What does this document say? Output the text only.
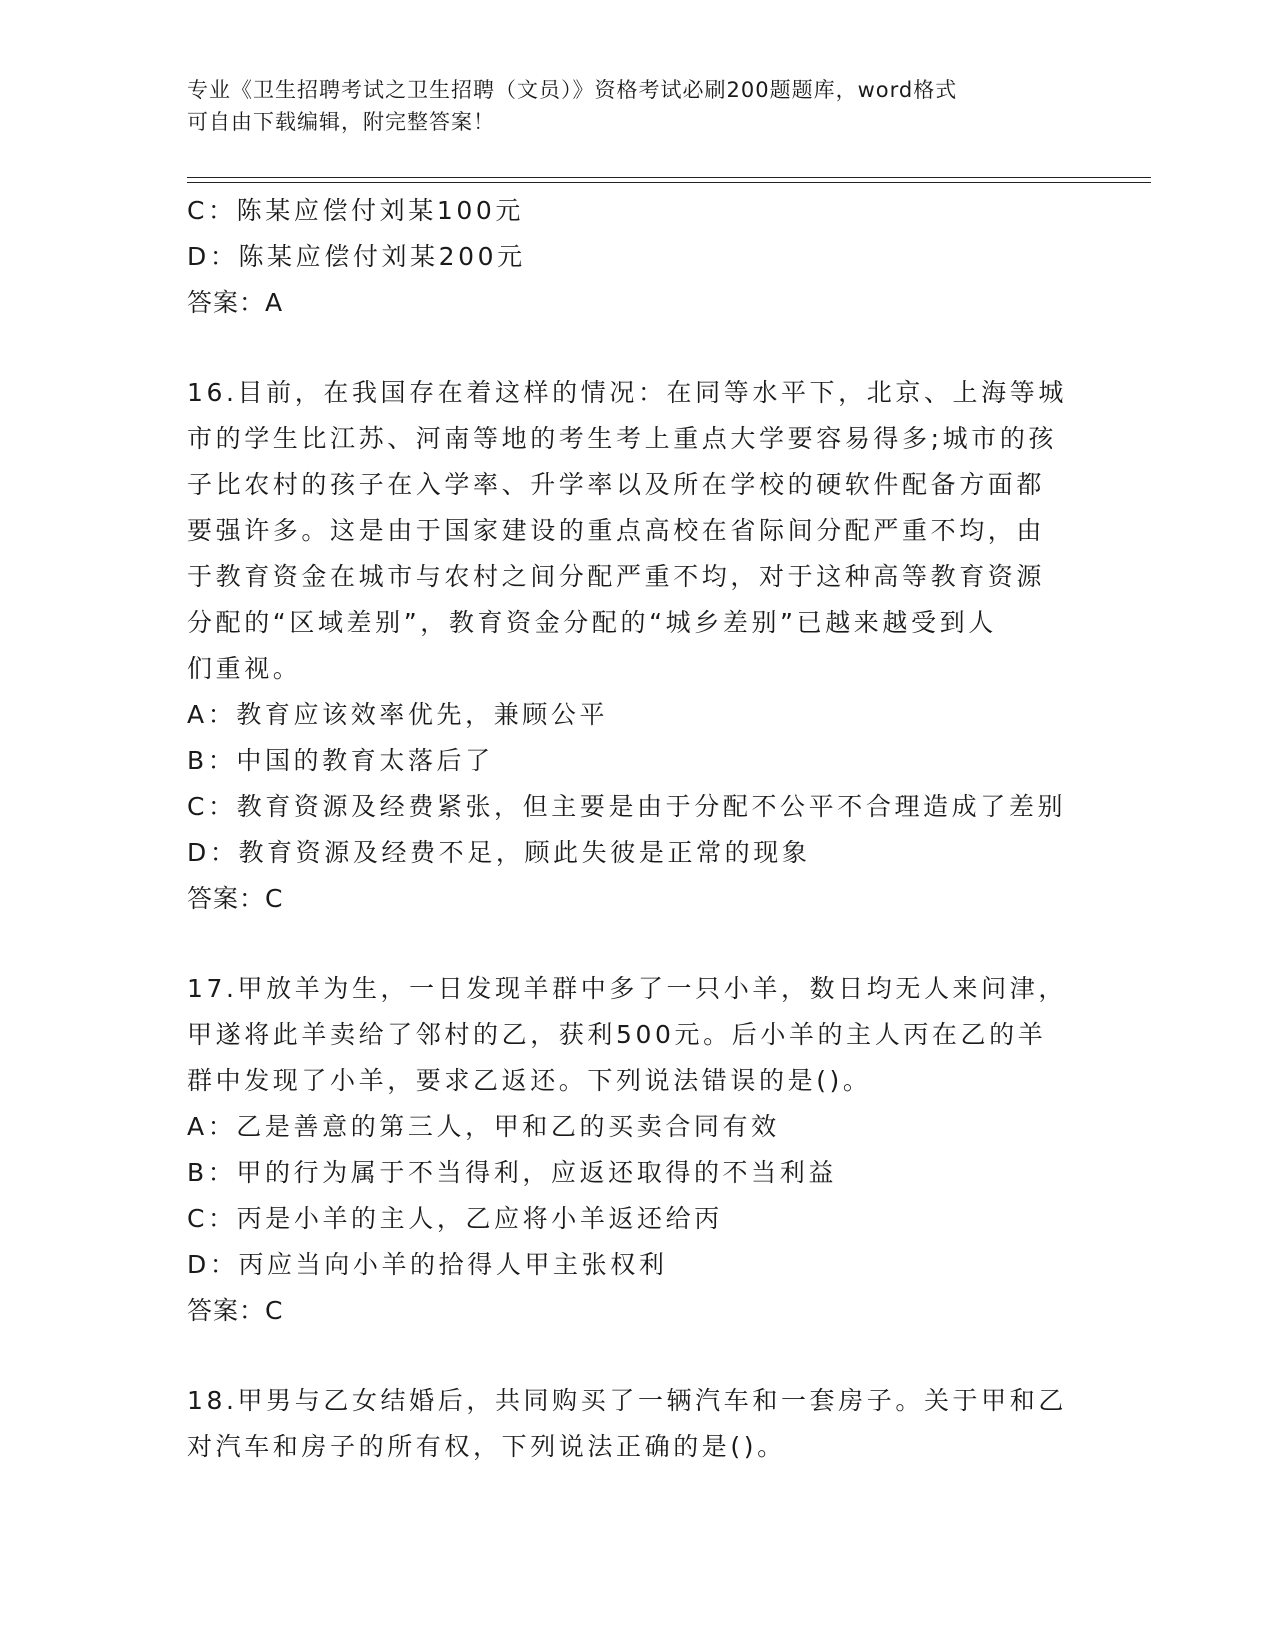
专业《卫生招聘考试之卫生招聘（文员）》资格考试必刷200题题库，word格式
可自由下载编辑，附完整答案！
C：陈某应偿付刘某100元
D：陈某应偿付刘某200元
答案：A
16.目前，在我国存在着这样的情况：在同等水平下，北京、上海等城
市的学生比江苏、河南等地的考生考上重点大学要容易得多;城市的孩
子比农村的孩子在入学率、升学率以及所在学校的硬软件配备方面都
要强许多。这是由于国家建设的重点高校在省际间分配严重不均，由
于教育资金在城市与农村之间分配严重不均，对于这种高等教育资源
分配的“区域差别”，教育资金分配的“城乡差别”已越来越受到人
们重视。
A：教育应该效率优先，兼顾公平
B：中国的教育太落后了
C：教育资源及经费紧张，但主要是由于分配不公平不合理造成了差别
D：教育资源及经费不足，顾此失彼是正常的现象
答案：C
17.甲放羊为生，一日发现羊群中多了一只小羊，数日均无人来问津，
甲遂将此羊卖给了邻村的乙，获利500元。后小羊的主人丙在乙的羊
群中发现了小羊，要求乙返还。下列说法错误的是()。
A：乙是善意的第三人，甲和乙的买卖合同有效
B：甲的行为属于不当得利，应返还取得的不当利益
C：丙是小羊的主人，乙应将小羊返还给丙
D：丙应当向小羊的拾得人甲主张权利
答案：C
18.甲男与乙女结婚后，共同购买了一辆汽车和一套房子。关于甲和乙
对汽车和房子的所有权，下列说法正确的是()。
